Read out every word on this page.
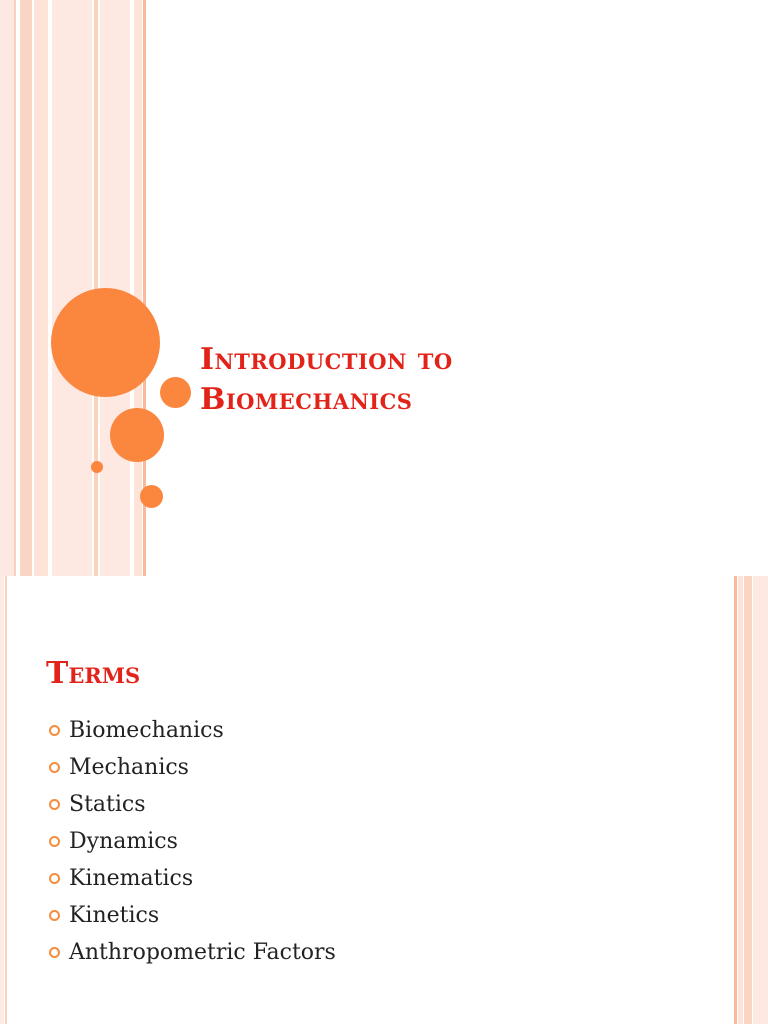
Introduction to
Biomechanics
Terms
Biomechanics
Mechanics
Statics
Dynamics
Kinematics
Kinetics
Anthropometric Factors
